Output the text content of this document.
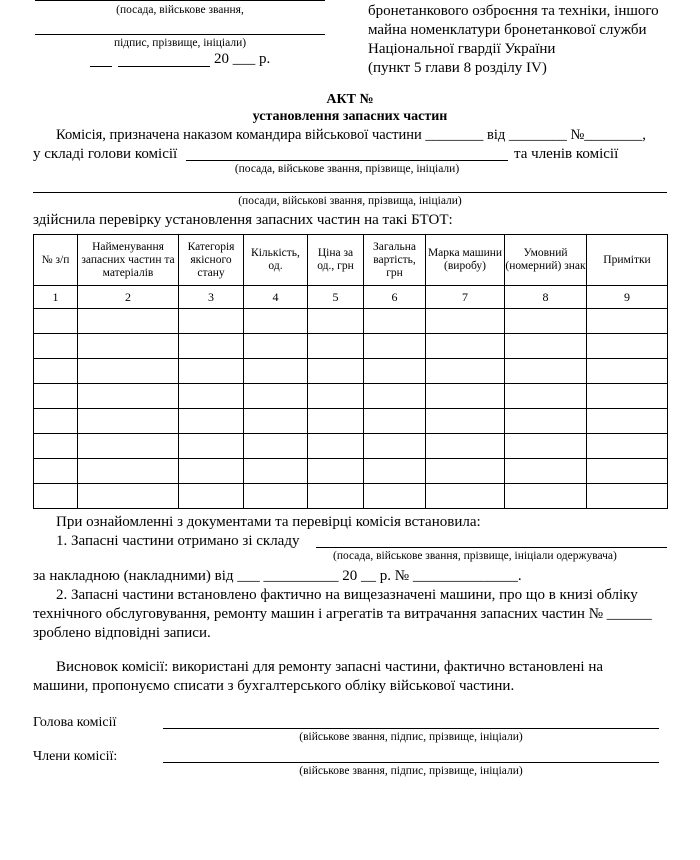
(посада, військове звання,
підпис, прізвище, ініціали)
20 ___ р.
бронетанкового озброєння та техніки, іншого
майна номенклатури бронетанкової служби
Національної гвардії України
(пункт 5 глави 8 розділу IV)
АКТ №
установлення запасних частин
Комісія, призначена наказом командира військової частини ________ від ________ №________,
у складі голови комісії	та членів комісії
(посада, військове звання, прізвище, ініціали)
(посади, військові звання, прізвища, ініціали)
здійснила перевірку установлення запасних частин на такі БТОТ:
№ з/п	Найменування запасних частин та матеріалів	Категорія якісного стану	Кількість, од.	Ціна за од., грн	Загальна вартість, грн	Марка машини (виробу)	Умовний (номерний) знак	Примітки
1	2	3	4	5	6	7	8	9

При ознайомленні з документами та перевірці комісія встановила:
1. Запасні частини отримано зі складу
(посада, військове звання, прізвище, ініціали одержувача)
за накладною (накладними) від ___ __________ 20 __ р. № ______________.
2. Запасні частини встановлено фактично на вищезазначені машини, про що в книзі обліку
технічного обслуговування, ремонту машин і агрегатів та витрачання запасних частин № ______
зроблено відповідні записи.
Висновок комісії: використані для ремонту запасні частини, фактично встановлені на
машини, пропонуємо списати з бухгалтерського обліку військової частини.
Голова комісії
(військове звання, підпис, прізвище, ініціали)
Члени комісії:
(військове звання, підпис, прізвище, ініціали)
